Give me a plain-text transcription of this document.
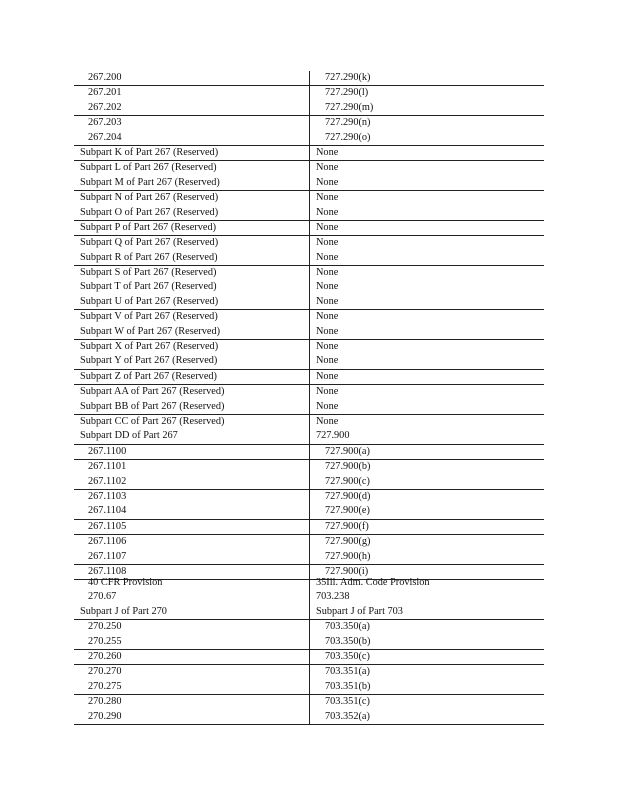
267.200	727.290(k)
267.201	727.290(l)
267.202	727.290(m)
267.203	727.290(n)
267.204	727.290(o)
Subpart K of Part 267 (Reserved)	None
Subpart L of Part 267 (Reserved)	None
Subpart M of Part 267 (Reserved)	None
Subpart N of Part 267 (Reserved)	None
Subpart O of Part 267 (Reserved)	None
Subpart P of Part 267 (Reserved)	None
Subpart Q of Part 267 (Reserved)	None
Subpart R of Part 267 (Reserved)	None
Subpart S of Part 267 (Reserved)	None
Subpart T of Part 267 (Reserved)	None
Subpart U of Part 267 (Reserved)	None
Subpart V of Part 267 (Reserved)	None
Subpart W of Part 267 (Reserved)	None
Subpart X of Part 267 (Reserved)	None
Subpart Y of Part 267 (Reserved)	None
Subpart Z of Part 267 (Reserved)	None
Subpart AA of Part 267 (Reserved)	None
Subpart BB of Part 267 (Reserved)	None
Subpart CC of Part 267 (Reserved)	None
Subpart DD of Part 267	727.900
267.1100	727.900(a)
267.1101	727.900(b)
267.1102	727.900(c)
267.1103	727.900(d)
267.1104	727.900(e)
267.1105	727.900(f)
267.1106	727.900(g)
267.1107	727.900(h)
267.1108	727.900(i)
40 CFR Provision	35Ill. Adm. Code Provision
270.67	703.238
Subpart J of Part 270	Subpart J of Part 703
270.250	703.350(a)
270.255	703.350(b)
270.260	703.350(c)
270.270	703.351(a)
270.275	703.351(b)
270.280	703.351(c)
270.290	703.352(a)
